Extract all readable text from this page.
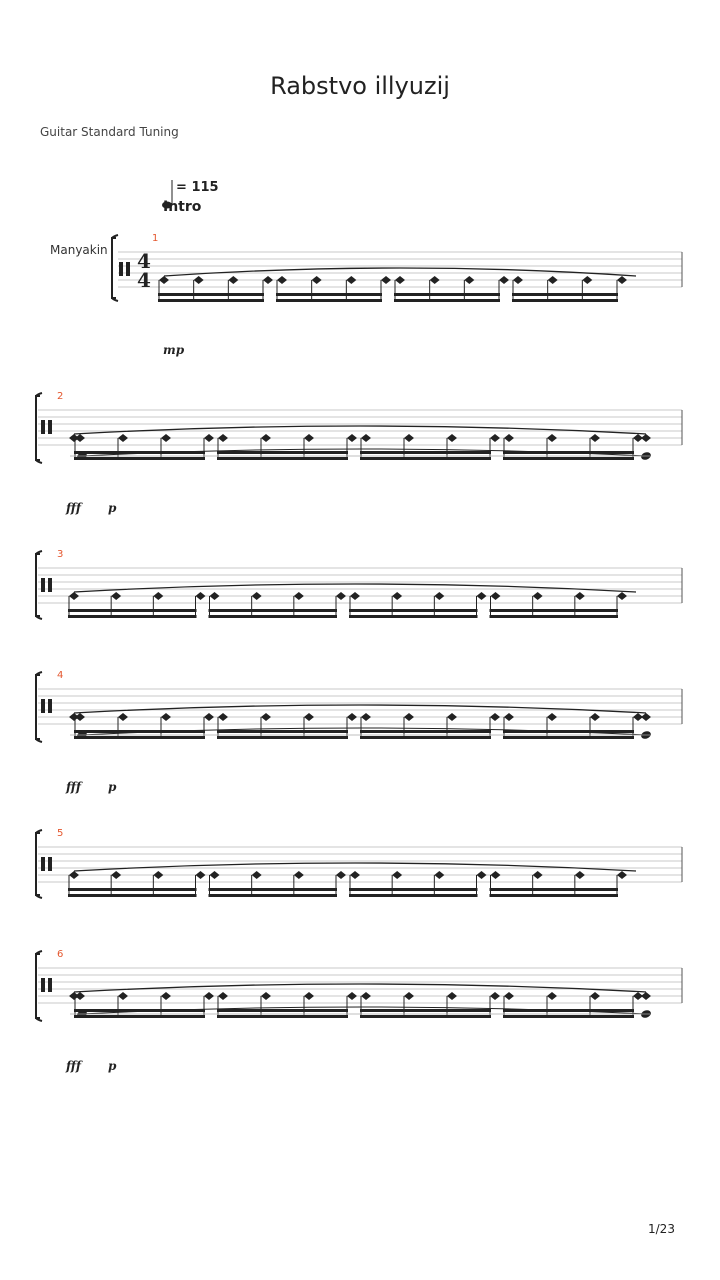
Rabstvo illyuzij
Guitar Standard Tuning
= 115
Intro
Manyakin 4
4
1
mp
2
fff p
3
4
fff p
5
6
fff p
1/23
